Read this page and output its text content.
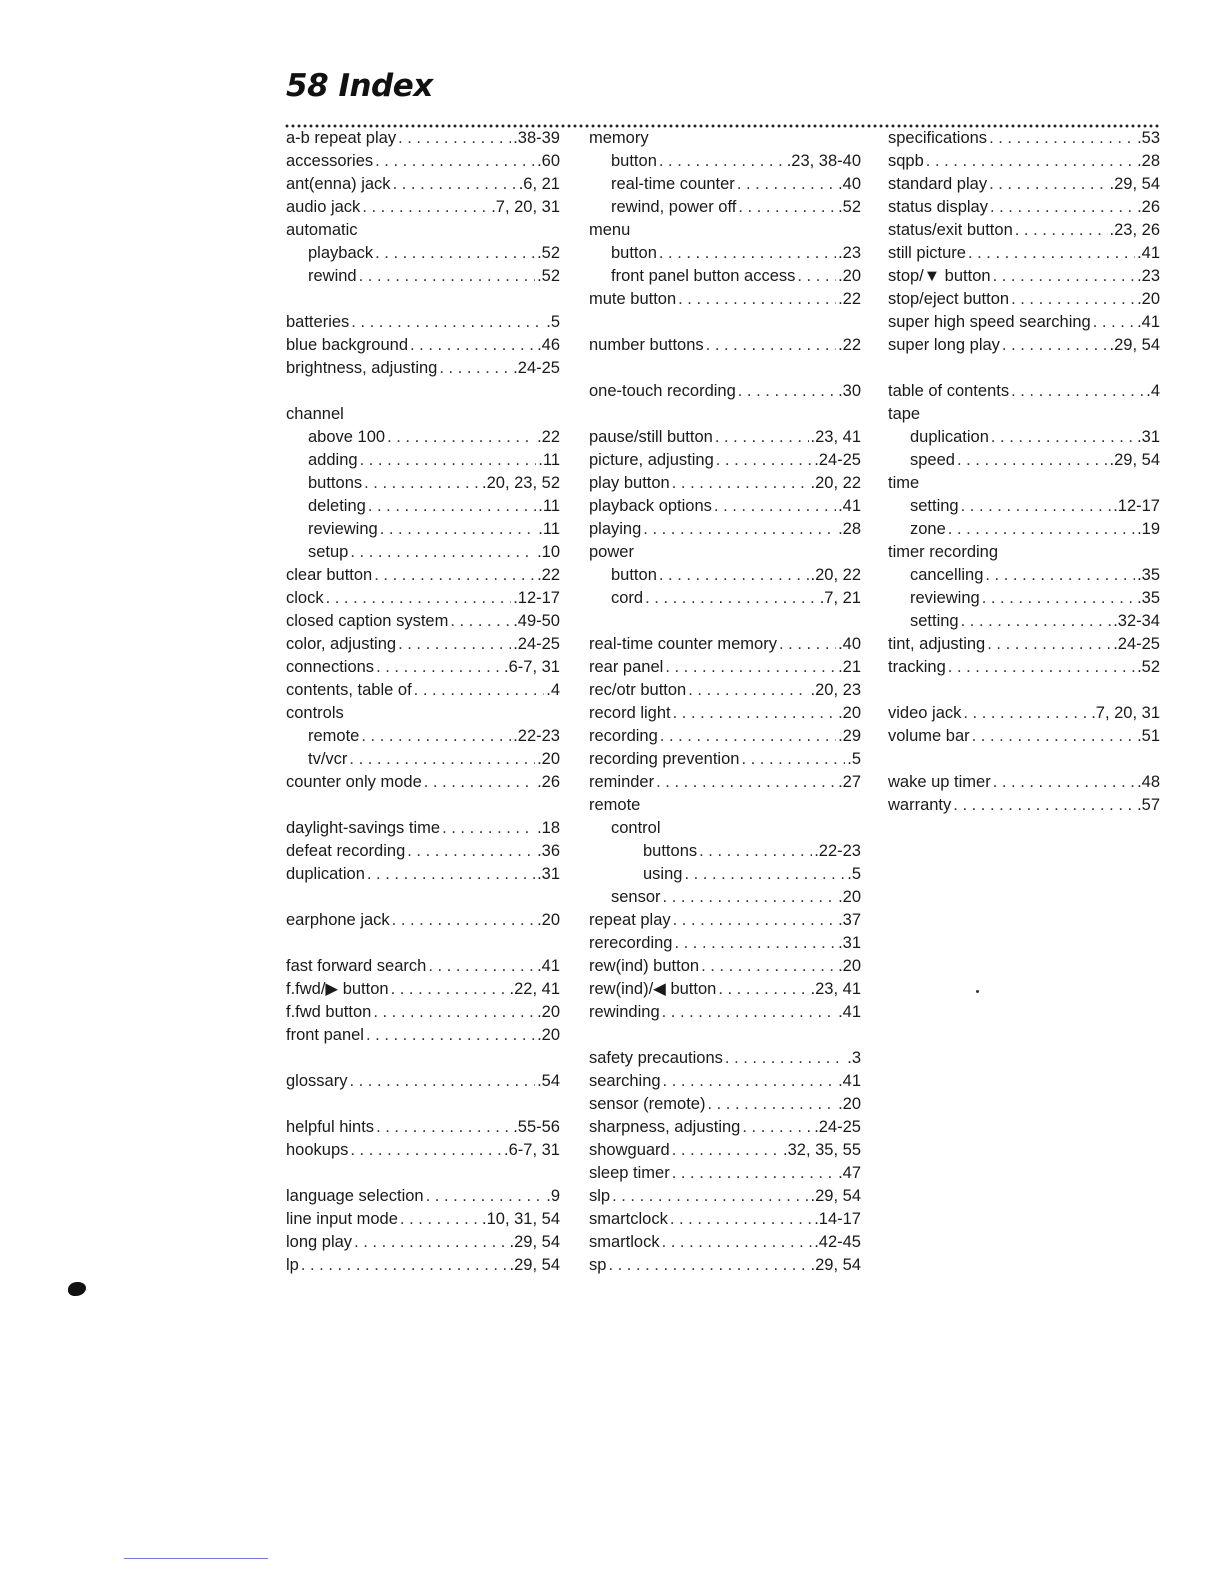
58 Index
a-b repeat play . . .	.38-39
accessories . . .	.60
ant(enna) jack . . .	.6, 21
audio jack . . .	.7, 20, 31
automatic
playback . . .	.52
rewind . . .	.52
batteries . . .	.5
blue background . . .	.46
brightness, adjusting . . .	.24-25
channel
above 100 . . .	.22
adding . . .	.11
buttons . . .	.20, 23, 52
deleting . . .	.11
reviewing . . .	.11
setup . . .	.10
clear button . . .	.22
clock . . .	.12-17
closed caption system . . .	.49-50
color, adjusting . . .	.24-25
connections . . .	.6-7, 31
contents, table of . . .	.4
controls
remote . . .	.22-23
tv/vcr . . .	.20
counter only mode . . .	.26
daylight-savings time . . .	.18
defeat recording . . .	.36
duplication . . .	.31
earphone jack . . .	.20
fast forward search . . .	.41
f.fwd/▶ button . . .	.22, 41
f.fwd button . . .	.20
front panel . . .	.20
glossary . . .	.54
helpful hints . . .	.55-56
hookups . . .	.6-7, 31
language selection . . .	.9
line input mode . . .	.10, 31, 54
long play . . .	.29, 54
lp . . .	.29, 54
memory
button . . .	.23, 38-40
real-time counter . . .	.40
rewind, power off . . .	.52
menu
button . . .	.23
front panel button access . . .	.20
mute button . . .	.22
number buttons . . .	.22
one-touch recording . . .	.30
pause/still button . . .	.23, 41
picture, adjusting . . .	.24-25
play button . . .	.20, 22
playback options . . .	.41
playing . . .	.28
power
button . . .	.20, 22
cord . . .	.7, 21
real-time counter memory . . .	.40
rear panel . . .	.21
rec/otr button . . .	.20, 23
record light . . .	.20
recording . . .	.29
recording prevention . . .	.5
reminder . . .	.27
remote
control
buttons . . .	.22-23
using . . .	.5
sensor . . .	.20
repeat play . . .	.37
rerecording . . .	.31
rew(ind) button . . .	.20
rew(ind)/◀ button . . .	.23, 41
rewinding . . .	.41
safety precautions . . .	.3
searching . . .	.41
sensor (remote) . . .	.20
sharpness, adjusting . . .	.24-25
showguard . . .	.32, 35, 55
sleep timer . . .	.47
slp . . .	.29, 54
smartclock . . .	.14-17
smartlock . . .	.42-45
sp . . .	.29, 54
specifications . . .	.53
sqpb . . .	.28
standard play . . .	.29, 54
status display . . .	.26
status/exit button . . .	.23, 26
still picture . . .	.41
stop/▼ button . . .	.23
stop/eject button . . .	.20
super high speed searching . . .	.41
super long play . . .	.29, 54
table of contents . . .	.4
tape
duplication . . .	.31
speed . . .	.29, 54
time
setting . . .	.12-17
zone . . .	.19
timer recording
cancelling . . .	.35
reviewing . . .	.35
setting . . .	.32-34
tint, adjusting . . .	.24-25
tracking . . .	.52
video jack . . .	.7, 20, 31
volume bar . . .	.51
wake up timer . . .	.48
warranty . . .	.57
